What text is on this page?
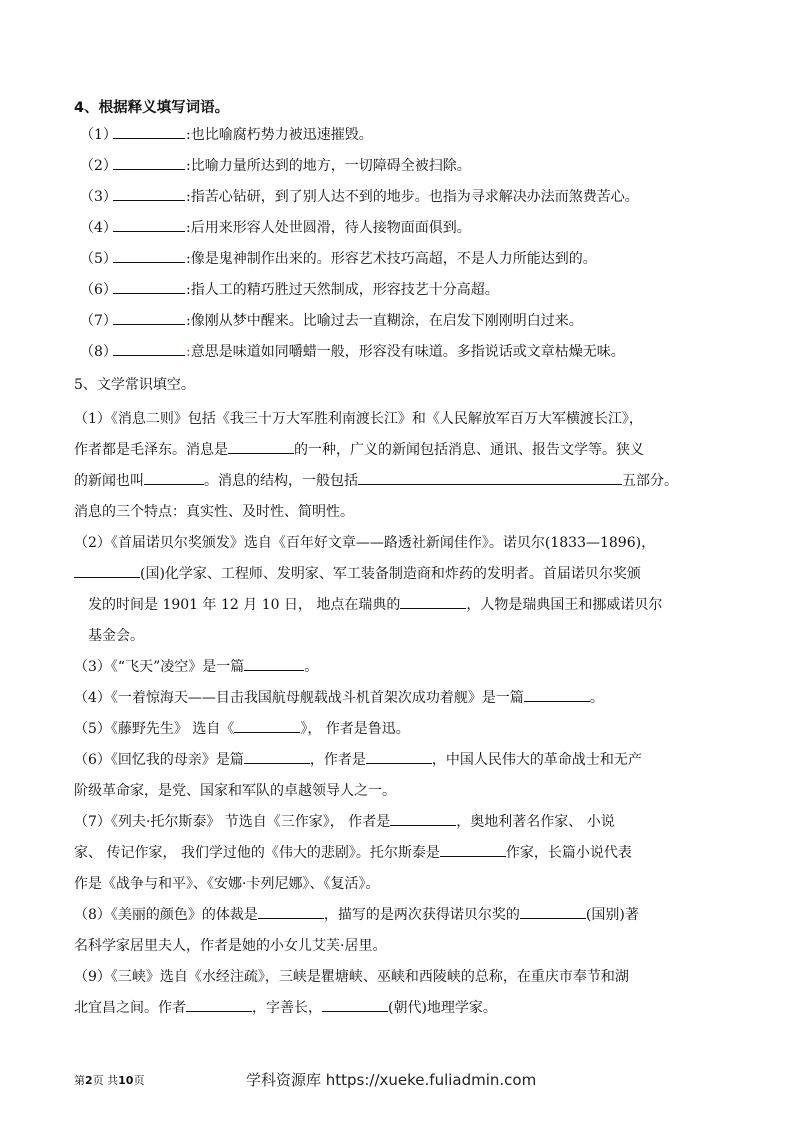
4、根据释义填写词语。
（1）	:也比喻腐朽势力被迅速摧毁。
（2）	:比喻力量所达到的地方，一切障碍全被扫除。
（3）	:指苦心钻研，到了别人达不到的地步。也指为寻求解决办法而煞费苦心。
（4）	:后用来形容人处世圆滑，待人接物面面俱到。
（5）	:像是鬼神制作出来的。形容艺术技巧高超，不是人力所能达到的。
（6）	:指人工的精巧胜过天然制成，形容技艺十分高超。
（7）	:像刚从梦中醒来。比喻过去一直糊涂，在启发下刚刚明白过来。
（8）	:意思是味道如同嚼蜡一般，形容没有味道。多指说话或文章枯燥无味。
5、文学常识填空。
（1）《消息二则》包括《我三十万大军胜利南渡长江》和《人民解放军百万大军横渡长江》，
作者都是毛泽东。消息是	的一种，广义的新闻包括消息、通讯、报告文学等。狭义
的新闻也叫	。消息的结构，一般包括	五部分。
消息的三个特点：真实性、及时性、简明性。
（2）《首届诺贝尔奖颁发》选自《百年好文章——路透社新闻佳作》。诺贝尔(1833—1896)，
(国)化学家、工程师、发明家、军工装备制造商和炸药的发明者。首届诺贝尔奖颁
发的时间是 1901 年 12 月 10 日， 地点在瑞典的	，人物是瑞典国王和挪威诺贝尔
基金会。
（3）《“飞天”凌空》是一篇	。
（4）《一着惊海天——目击我国航母舰载战斗机首架次成功着舰》是一篇	。
（5）《藤野先生》 选自《	》， 作者是鲁迅。
（6）《回忆我的母亲》是篇	，作者是	，中国人民伟大的革命战士和无产
阶级革命家，是党、国家和军队的卓越领导人之一。
（7）《列夫·托尔斯泰》 节选自《三作家》， 作者是	，奥地利著名作家、 小说
家、 传记作家， 我们学过他的《伟大的悲剧》。托尔斯泰是	作家，长篇小说代表
作是《战争与和平》、《安娜·卡列尼娜》、《复活》。
（8）《美丽的颜色》的体裁是	，描写的是两次获得诺贝尔奖的	(国别)著
名科学家居里夫人，作者是她的小女儿艾芙·居里。
（9）《三峡》选自《水经注疏》，三峡是瞿塘峡、巫峡和西陵峡的总称，在重庆市奉节和湖
北宜昌之间。作者	，字善长，	(朝代)地理学家。
第2页 共10页	学科资源库 https://xueke.fuliadmin.com
